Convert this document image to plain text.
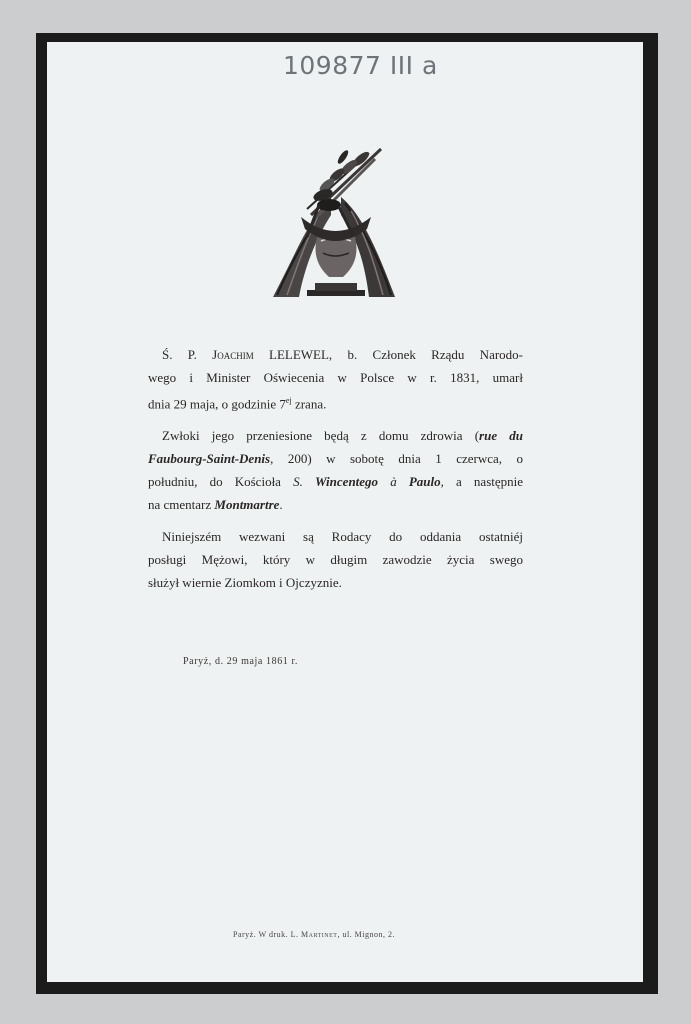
109877 III a

Ś. P. Joachim LELEWEL, b. Członek Rządu Narodo-
wego i Minister Oświecenia w Polsce w r. 1831, umarł
dnia 29 maja, o godzinie $7^{ej}$ zrana.

Zwłoki jego przeniesione będą z domu zdrowia (rue du
Faubourg-Saint-Denis, 200) w sobotę dnia 1 czerwca, o
południu, do Kościoła S. Wincentego à Paulo, a następnie
na cmentarz Montmartre.

Niniejszém wezwani są Rodacy do oddania ostatniéj
posługi Mężowi, który w długim zawodzie życia swego
służył wiernie Ziomkom i Ojczyznie.

Paryż, d. 29 maja 1861 r.
Paryż. W druk. L. Martinet, ul. Mignon, 2.
